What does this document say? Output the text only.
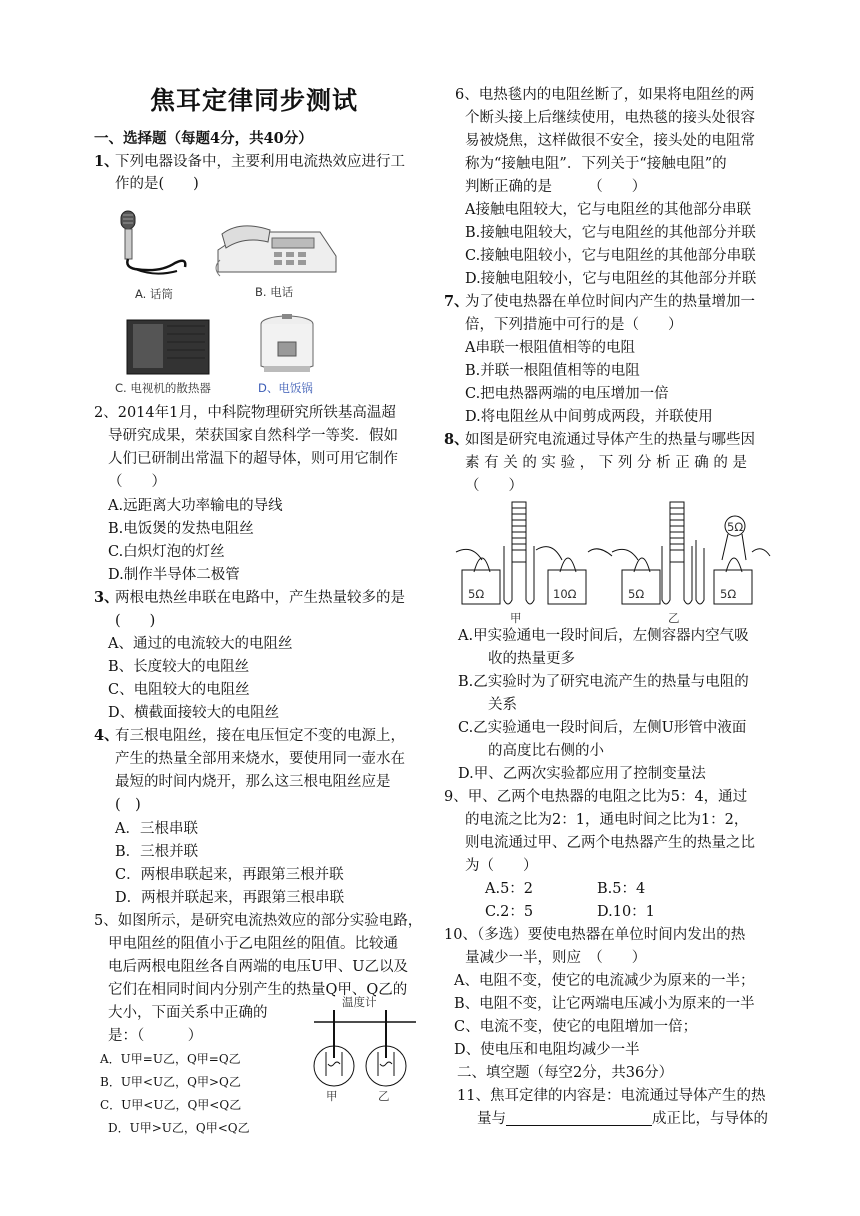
焦耳定律同步测试
一、选择题（每题4分，共40分）
1、
下列电器设备中，主要利用电流热效应进行工
作的是(　　)
A. 话筒	B. 电话
C. 电视机的散热器	D、电饭锅
2、2014年1月，中科院物理研究所铁基高温超
导研究成果，荣获国家自然科学一等奖．假如
人们已研制出常温下的超导体，则可用它制作
（　　）
A.远距离大功率输电的导线
B.电饭煲的发热电阻丝
C.白炽灯泡的灯丝
D.制作半导体二极管
3、
两根电热丝串联在电路中，产生热量较多的是
(　　)
A、通过的电流较大的电阻丝
B、长度较大的电阻丝
C、电阻较大的电阻丝
D、横截面接较大的电阻丝
4、
有三根电阻丝，接在电压恒定不变的电源上，
产生的热量全部用来烧水，要使用同一壶水在
最短的时间内烧开，那么这三根电阻丝应是
(　)
A．三根串联
B．三根并联
C．两根串联起来，再跟第三根并联
D．两根并联起来，再跟第三根串联
5、如图所示，是研究电流热效应的部分实验电路，
甲电阻丝的阻值小于乙电阻丝的阻值。比较通
电后两根电阻丝各自两端的电压U甲、U乙以及
它们在相同时间内分别产生的热量Q甲、Q乙的
大小，下面关系中正确的
是：（　　　）
A．U甲=U乙，Q甲=Q乙
B．U甲<U乙，Q甲>Q乙
C．U甲<U乙，Q甲<Q乙
D．U甲>U乙，Q甲<Q乙
温度计
甲	乙
6、电热毯内的电阻丝断了，如果将电阻丝的两
个断头接上后继续使用，电热毯的接头处很容
易被烧焦，这样做很不安全，接头处的电阻常
称为“接触电阻”．下列关于“接触电阻”的
判断正确的是　　　（　　）
A接触电阻较大，它与电阻丝的其他部分串联
B.接触电阻较大，它与电阻丝的其他部分并联
C.接触电阻较小，它与电阻丝的其他部分串联
D.接触电阻较小，它与电阻丝的其他部分并联
7、
为了使电热器在单位时间内产生的热量增加一
倍，下列措施中可行的是（　　）
A串联一根阻值相等的电阻
B.并联一根阻值相等的电阻
C.把电热器两端的电压增加一倍
D.将电阻丝从中间剪成两段，并联使用
8、
如图是研究电流通过导体产生的热量与哪些因
素 有 关 的 实 验 ， 下 列 分 析 正 确 的 是
（　　）
5Ω	10Ω	5Ω	5Ω
5Ω
甲	乙
A.甲实验通电一段时间后，左侧容器内空气吸
收的热量更多
B.乙实验时为了研究电流产生的热量与电阻的
关系
C.乙实验通电一段时间后，左侧U形管中液面
的高度比右侧的小
D.甲、乙两次实验都应用了控制变量法
9、甲、乙两个电热器的电阻之比为5：4，通过
的电流之比为2：1，通电时间之比为1：2，
则电流通过甲、乙两个电热器产生的热量之比
为（　　）
A.5：2	B.5：4
C.2：5	D.10：1
10、（多选）要使电热器在单位时间内发出的热
量减少一半，则应　（　　）
A、电阻不变，使它的电流减少为原来的一半；
B、电阻不变，让它两端电压减小为原来的一半
C、电流不变，使它的电阻增加一倍；
D、使电压和电阻均减少一半
二、填空题（每空2分，共36分）
11、焦耳定律的内容是：电流通过导体产生的热
量与	成正比，与导体的
